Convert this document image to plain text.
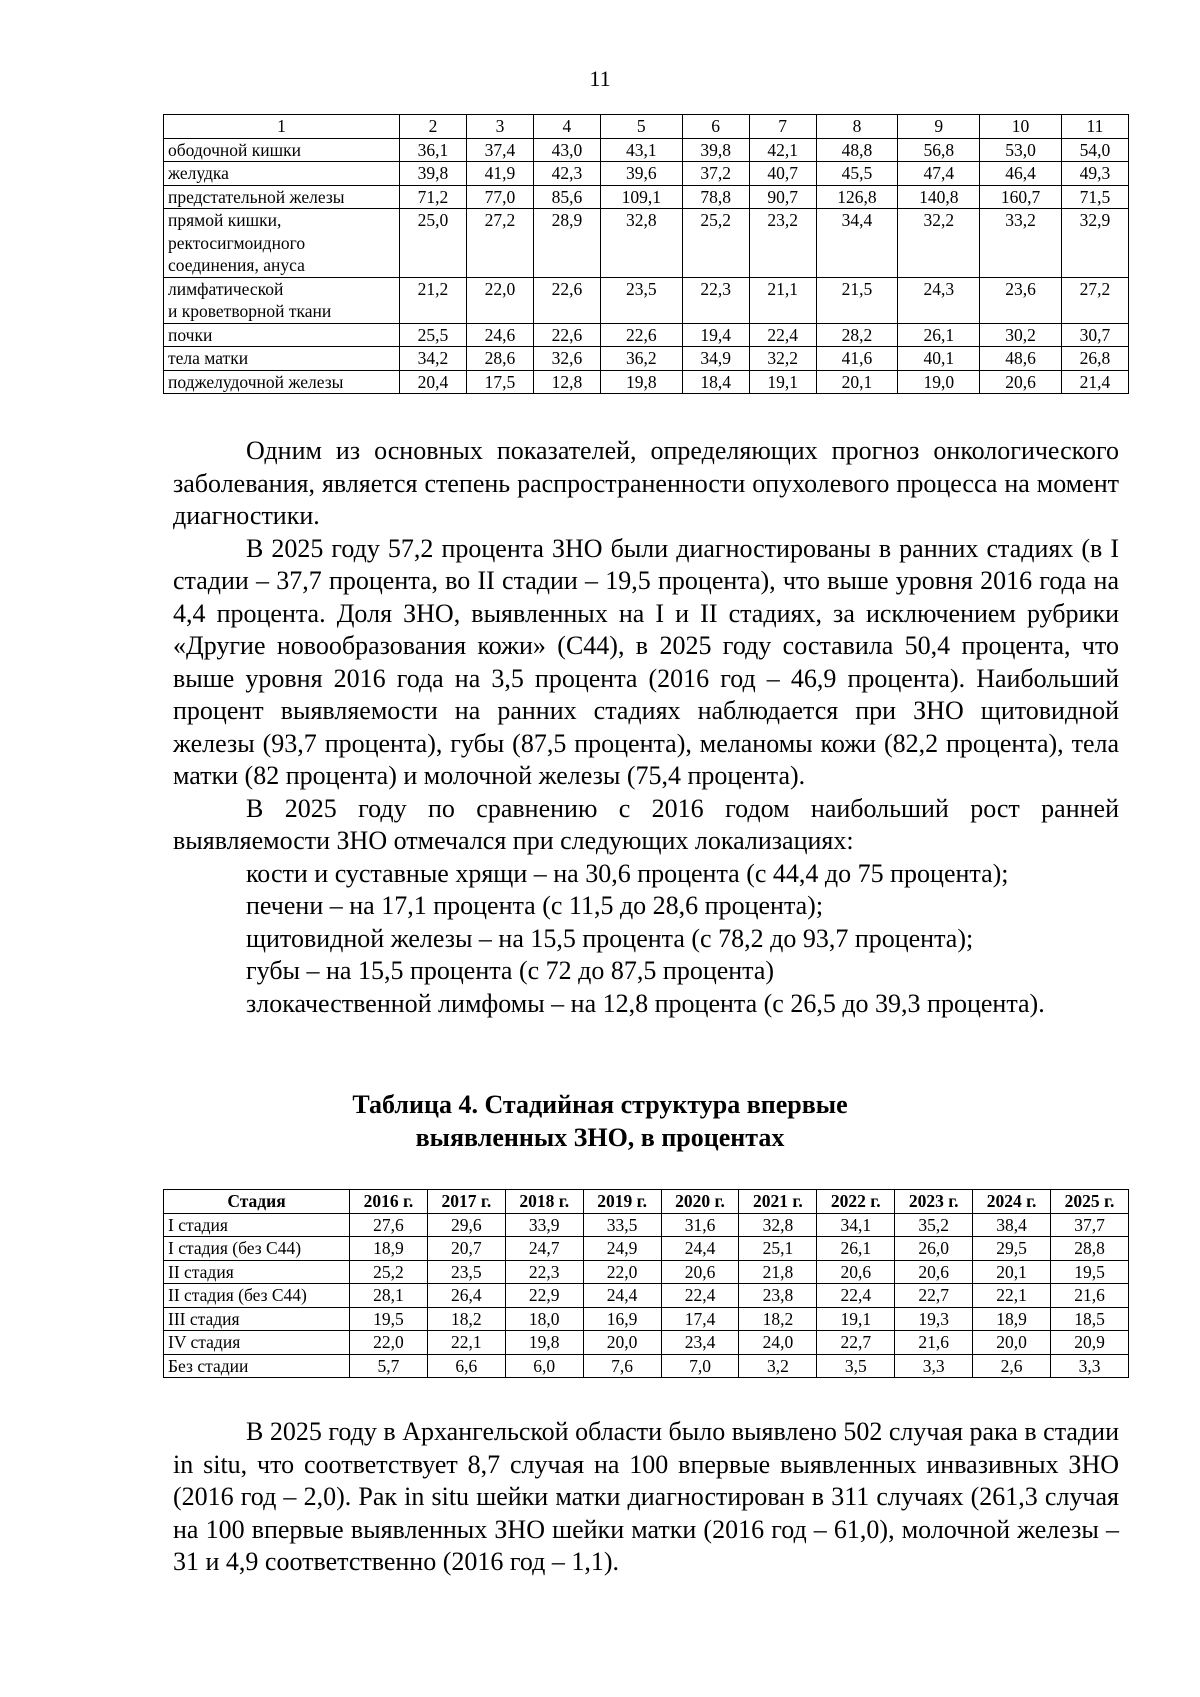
11
1	2	3	4	5	6	7	8	9	10	11
ободочной кишки	36,1	37,4	43,0	43,1	39,8	42,1	48,8	56,8	53,0	54,0
желудка	39,8	41,9	42,3	39,6	37,2	40,7	45,5	47,4	46,4	49,3
предстательной железы	71,2	77,0	85,6	109,1	78,8	90,7	126,8	140,8	160,7	71,5
прямой кишки,
ректосигмоидного
соединения, ануса	25,0	27,2	28,9	32,8	25,2	23,2	34,4	32,2	33,2	32,9
лимфатической
и кроветворной ткани	21,2	22,0	22,6	23,5	22,3	21,1	21,5	24,3	23,6	27,2
почки	25,5	24,6	22,6	22,6	19,4	22,4	28,2	26,1	30,2	30,7
тела матки	34,2	28,6	32,6	36,2	34,9	32,2	41,6	40,1	48,6	26,8
поджелудочной железы	20,4	17,5	12,8	19,8	18,4	19,1	20,1	19,0	20,6	21,4

Одним из основных показателей, определяющих прогноз онкологического заболевания, является степень распространенности опухолевого процесса на момент диагностики.

В 2025 году 57,2 процента ЗНО были диагностированы в ранних стадиях (в I стадии – 37,7 процента, во II стадии – 19,5 процента), что выше уровня 2016 года на 4,4 процента. Доля ЗНО, выявленных на I и II стадиях, за исключением рубрики «Другие новообразования кожи» (С44), в 2025 году составила 50,4 процента, что выше уровня 2016 года на 3,5 процента (2016 год – 46,9 процента). Наибольший процент выявляемости на ранних стадиях наблюдается при ЗНО щитовидной железы (93,7 процента), губы (87,5 процента), меланомы кожи (82,2 процента), тела матки (82 процента) и молочной железы (75,4 процента).

В 2025 году по сравнению с 2016 годом наибольший рост ранней выявляемости ЗНО отмечался при следующих локализациях:

кости и суставные хрящи – на 30,6 процента (с 44,4 до 75 процента);

печени – на 17,1 процента (с 11,5 до 28,6 процента);

щитовидной железы – на 15,5 процента (с 78,2 до 93,7 процента);

губы – на 15,5 процента (с 72 до 87,5 процента)

злокачественной лимфомы – на 12,8 процента (с 26,5 до 39,3 процента).

Таблица 4. Стадийная структура впервые
выявленных ЗНО, в процентах
Стадия	2016 г.	2017 г.	2018 г.	2019 г.	2020 г.	2021 г.	2022 г.	2023 г.	2024 г.	2025 г.
I стадия	27,6	29,6	33,9	33,5	31,6	32,8	34,1	35,2	38,4	37,7
I стадия (без С44)	18,9	20,7	24,7	24,9	24,4	25,1	26,1	26,0	29,5	28,8
II стадия	25,2	23,5	22,3	22,0	20,6	21,8	20,6	20,6	20,1	19,5
II стадия (без С44)	28,1	26,4	22,9	24,4	22,4	23,8	22,4	22,7	22,1	21,6
III стадия	19,5	18,2	18,0	16,9	17,4	18,2	19,1	19,3	18,9	18,5
IV стадия	22,0	22,1	19,8	20,0	23,4	24,0	22,7	21,6	20,0	20,9
Без стадии	5,7	6,6	6,0	7,6	7,0	3,2	3,5	3,3	2,6	3,3

В 2025 году в Архангельской области было выявлено 502 случая рака в стадии in situ, что соответствует 8,7 случая на 100 впервые выявленных инвазивных ЗНО (2016 год – 2,0). Рак in situ шейки матки диагностирован в 311 случаях (261,3 случая на 100 впервые выявленных ЗНО шейки матки (2016 год – 61,0), молочной железы – 31 и 4,9 соответственно (2016 год – 1,1).
